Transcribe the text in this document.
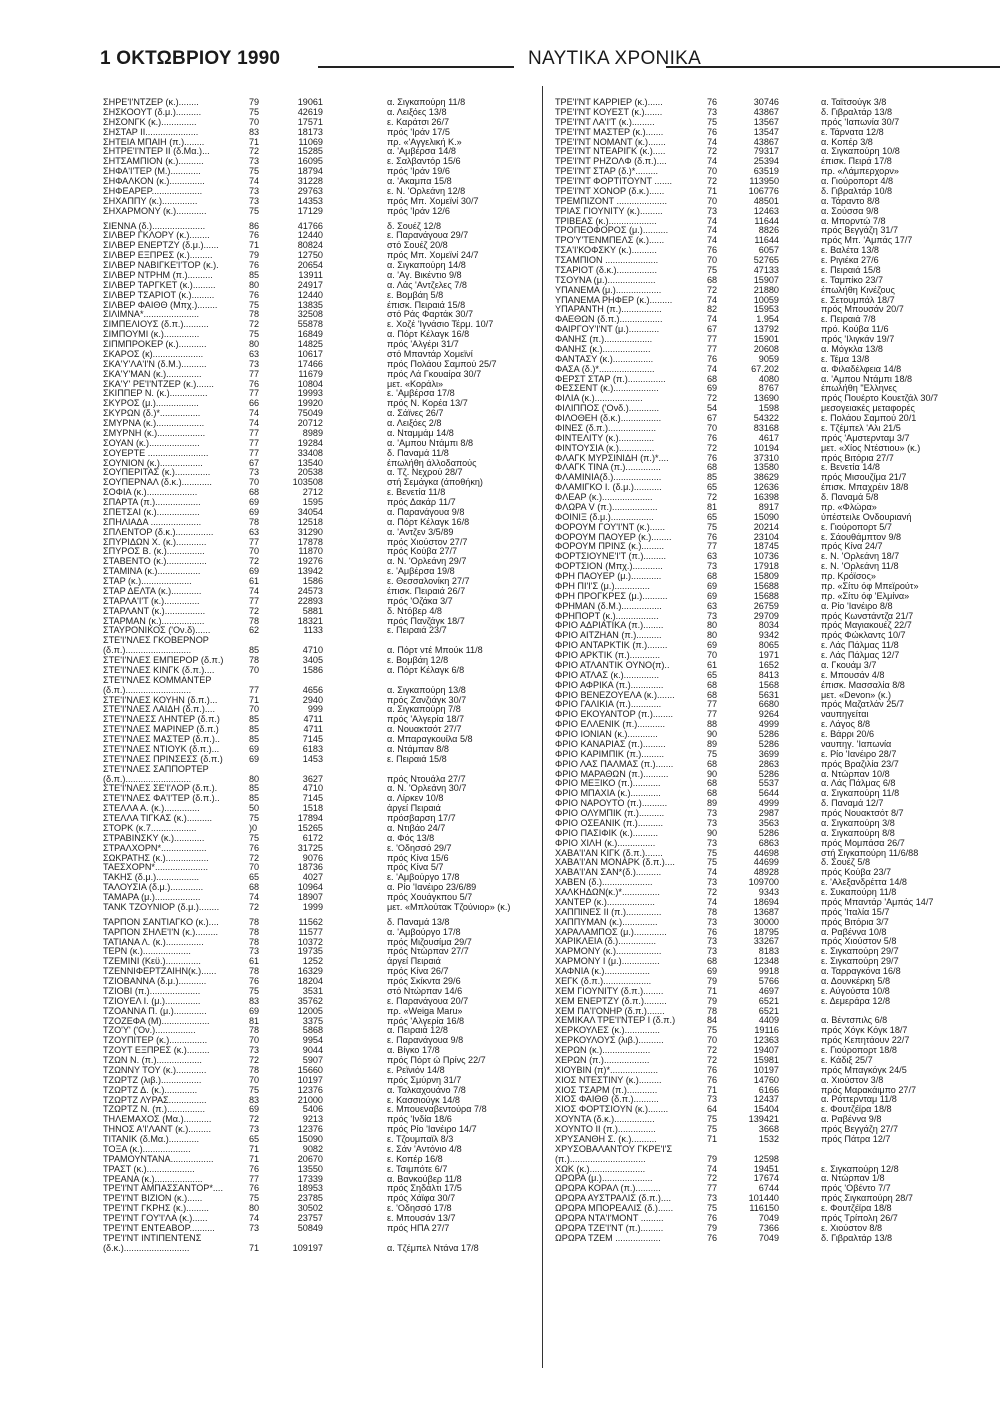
1 ΟΚΤΩΒΡΙΟΥ 1990	ΝΑΥΤΙΚΑ ΧΡΟΝΙΚΑ
ΣΗΡΕ'Ι'ΝΤΖΕΡ (κ.)........	79	19061	α. Σιγκαπούρη 11/8
ΣΗΣΚΟΟΥΤ (δ.μ.)..........	75	42619	α. Λειξόες 13/8
ΣΗΣΟΝΓΚ (κ.)..............	70	17571	ε. Καράτσι 26/7
ΣΗΣΤΑΡ ΙΙ.....................	83	18173	πρός 'Ιράν 17/5
ΣΗΤΕΙΑ ΜΠΑΙΗ (π.)........	71	11069	πρ. «'Αγγελική Κ.»
ΣΗΤΡΕ'Ι'ΝΤΕΡ ΙΙ (δ.Μα.)...	72	15285	α. 'Αμβέρσα 14/8
ΣΗΤΣΑΜΠΙΟΝ (κ.)..........	73	16095	ε. Σαλβαντόρ 15/6
ΣΗΦΑ'Ι'ΤΕΡ (Μ.)............	75	18794	πρός 'Ιράν 19/6
ΣΗΦΑΛΚΟΝ (κ.)..............	74	31228	α. 'Ακαμπα 15/8
ΣΗΦΕΑΡΕΡ....................	73	29763	ε. Ν. 'Ορλεάνη 12/8
ΣΗΧΑΠΠΥ (κ.)..............	73	14353	πρός Μπ. Χομεϊνί 30/7
ΣΗΧΑΡΜΟΝΥ (κ.)............	75	17129	πρός 'Ιράν 12/6
ΣΙΕΝΝΑ (δ.).....................	86	41766	δ. Σουέζ 12/8
ΣΙΛΒΕΡ ΓΚΛΟΡΥ (κ.)........	76	12440	ε. Παρανάγουα 29/7
ΣΙΛΒΕΡ ΕΝΕΡΤΖΥ (δ.μ.)......	71	80824	στό Σουέζ 20/8
ΣΙΛΒΕΡ ΕΞΠΡΕΣ (κ.).........	79	12750	πρός Μπ. Χομεϊνί 24/7
ΣΙΛΒΕΡ ΝΑΒΙΓΚΕ'Ι'ΤΟΡ (κ.).	76	20654	α. Σιγκαπούρη 14/8
ΣΙΛΒΕΡ ΝΤΡΗΜ (π.)..........	85	13911	α. 'Αγ. Βικέντιο 9/8
ΣΙΛΒΕΡ ΤΑΡΓΚΕΤ (κ.).........	80	24917	α. Λάς 'Αντζελες 7/8
ΣΙΛΒΕΡ ΤΣΑΡΙΟΤ (κ.).........	76	12440	ε. Βομβάη 5/8
ΣΙΛΒΕΡ ΦΑΙΘΘ (Μπχ.)........	75	13835	έπισκ. Πειραιά 15/8
ΣΙΛΙΜΝΑ*......................	78	32508	στό Ράς Φαρτάκ 30/7
ΣΙΜΠΕΛΙΟΥΣ (δ.π.)..........	72	55878	ε. Χοζέ 'Ιγνάσιο Τέρμ. 10/7
ΣΙΜΠΟΥΜΙ (κ.)..............	75	16849	α. Πόρτ Κέλαγκ 16/8
ΣΙΠΜΠΡΟΚΕΡ (κ.)...........	80	14825	πρός 'Αλγέρι 31/7
ΣΚΑΡΟΣ (κ)....................	63	10617	στό Μπαντάρ Χομεϊνί
ΣΚΑ'Υ'ΛΑ'Ι'Ν (δ.Μ.)..........	73	17466	πρός Πολάου Σαμπού 25/7
ΣΚΑ'Υ'ΜΑΝ (κ.)..............	77	11679	πρός Λά Γκουαίρα 30/7
ΣΚΑ'Υ' ΡΕ'Ι'ΝΤΖΕΡ (κ.).......	76	10804	μετ. «Κοράλι»
ΣΚΙΠΠΕΡ Ν. (κ.)...............	77	19993	ε. 'Αμβέρσα 17/8
ΣΚΥΡΟΣ (μ.).................	66	19920	πρός Ν. Κορέα 13/7
ΣΚΥΡΩΝ (δ.)*................	74	75049	α. Σάϊνες 26/7
ΣΜΥΡΝΑ (κ.)...................	74	20712	α. Λειξόες 2/8
ΣΜΥΡΝΗ (κ.)...................	77	8989	α. Νταμμάμ 14/8
ΣΟΥΑΝ (κ.)....................	77	19284	α. 'Αμπου Ντάμπι 8/8
ΣΟΥΕΡΤΕ ........................	77	33408	δ. Παναμά 11/8
ΣΟΥΝΙΟΝ (κ.).................	67	13540	έπωλήθη άλλοδαπούς
ΣΟΥΠΕΡΙΤΑΣ (κ.)..............	73	20538	α. Τζ. Νεχρού 28/7
ΣΟΥΠΕΡΝΑΛ (δ.κ.)............	70	103508	στή Σεμάγκα (άποθήκη)
ΣΟΦΙΑ (κ.)....................	68	2712	ε. Βενετία 11/8
ΣΠΑΡΤΑ (π.)..................	69	1595	πρός Δακάρ 11/7
ΣΠΕΤΣΑΙ (κ.).................	69	34054	α. Παρανάγουα 9/8
ΣΠΗΛΙΑΔΑ ....................	78	12518	α. Πόρτ Κέλαγκ 16/8
ΣΠΛΕΝΤΟΡ (δ.κ.)...............	63	31290	α. 'Αντζεν 3/5/89
ΣΠΥΡΙΔΩΝ Χ. (κ.)............	77	17878	πρός Χιούστον 27/7
ΣΠΥΡΟΣ Β. (κ.)...............	70	11870	πρός Κούβα 27/7
ΣΤΑΒΕΝΤΟ (κ.)................	72	19276	α. Ν. 'Ορλεάνη 29/7
ΣΤΑΜΙΝΑ (κ.).................	69	13942	ε. 'Αμβέρσα 19/8
ΣΤΑΡ (κ.)....................	61	1586	ε. Θεσσαλονίκη 27/7
ΣΤΑΡ ΔΕΛΤΑ (κ.)............	74	24573	έπισκ. Πειραιά 26/7
ΣΤΑΡΛΑ'Ι'Τ (κ.)..............	77	22893	πρός 'Οζάκα 3/7
ΣΤΑΡΛΑΝΤ (κ.)................	72	5881	δ. Ντόβερ 4/8
ΣΤΑΡΜΑΝ (κ.).................	78	18321	πρός Πανζάγκ 18/7
ΣΤΑΥΡΟΝΙΚΟΣ ('Ον.δ)......	62	1133	ε. Πειραιά 23/7
ΣΤΕ'Ι'ΝΛΕΣ ΓΚΟΒΕΡΝΟΡ
(δ.π.)..........................	85	4710	α. Πόρτ ντέ Μπούκ 11/8
ΣΤΕ'Ι'ΝΛΕΣ ΕΜΠΕΡΟΡ (δ.π.)	78	3405	ε. Βομβάη 12/8
ΣΤΕ'Ι'ΝΛΕΣ ΚΙΝΓΚ (δ.π.)....	70	1586	α. Πόρτ Κέλαγκ 6/8
ΣΤΕ'Ι'ΝΛΕΣ ΚΟΜΜΑΝΤΕΡ
(δ.π.)..........................	77	4656	α. Σιγκαπούρη 13/8
ΣΤΕ'Ι'ΝΛΕΣ ΚΟΥΗΝ (δ.π.)...	71	2940	πρός Ζανζιάγκ 30/7
ΣΤΕ'Ι'ΝΛΕΣ ΛΑΙΔΗ (δ.π.)....	70	999	α. Σιγκαπούρη 7/8
ΣΤΕ'Ι'ΝΛΕΣΣ ΛΗΝΤΕΡ (δ.π.)	85	4711	πρός 'Αλγερία 18/7
ΣΤΕ'Ι'ΝΛΕΣ ΜΑΡΙΝΕΡ (δ.π.)	85	4711	α. Νουακτσότ 27/7
ΣΤΕ'Ι'ΝΛΕΣ ΜΑΣΤΕΡ (δ.π.)..	85	7145	α. Μπαραγκουίλα 5/8
ΣΤΕ'Ι'ΝΛΕΣ ΝΤΙΟΥΚ (δ.π.)...	69	6183	α. Ντάμπαν 8/8
ΣΤΕ'Ι'ΝΛΕΣ ΠΡΙΝΣΕΣΣ (δ.π.)	69	1453	ε. Πειραιά 15/8
ΣΤΕ'Ι'ΝΛΕΣ ΣΑΠΠΟΡΤΕΡ
(δ.π.)..........................	80	3627	πρός Ντουάλα 27/7
ΣΤΕ'Ι'ΝΛΕΣ ΣΕ'Ι'ΛΟΡ (δ.π.).	85	4710	α. Ν. 'Ορλεάνη 30/7
ΣΤΕ'Ι'ΝΛΕΣ ΦΑ'Ι'ΤΕΡ (δ.π.)..	85	7145	α. Λίρκεν 10/8
ΣΤΕΛΛΑ Α. (κ.)..............	50	1518	άργεί Πειραιά
ΣΤΕΛΛΑ ΤΙΓΚΑΣ (κ.)..........	75	17894	πρόσβαρση 17/7
ΣΤΟΡΚ (κ.7..................	)0	15265	α. Ντιβάο 24/7
ΣΤΡΑΒΙΝΣΚΥ (κ.)............	75	6172	α. Φός 13/8
ΣΤΡΑΛΧΟΡΝ*..................	76	31725	ε. 'Οδησσό 29/7
ΣΩΚΡΑΤΗΣ (κ.).................	72	9076	πρός Κίνα 15/6
ΤΑΕΣΧΟΡΝ*.....................	70	18736	πρός Κίνα 5/7
ΤΑΚΗΣ (δ.μ.).................	65	4027	ε. 'Αμβούργο 17/8
ΤΑΛΟΥΣΙΑ (δ.μ.).............	68	10964	α. Ρίο 'Ιανέιρο 23/6/89
ΤΑΜΑΡΑ (μ.)..................	74	18907	πρός Χουάγκπου 5/7
ΤΑΝΚ ΤΖΟΥΝΙΟΡ (δ.μ.)........	72	1999	μετ. «Μπλούτακ Τζούνιορ» (κ.)
ΤΑΡΠΟΝ ΣΑΝΤΙΑΓΚΟ (κ.)....	78	11562	δ. Παναμά 13/8
ΤΑΡΠΟΝ ΣΗΛΕ'Ι'Ν (κ.).........	78	11577	α. 'Αμβούργο 17/8
ΤΑΤΙΑΝΑ Λ. (κ.)...............	78	10372	πρός Μιζουσίμα 29/7
ΤΕΡΝ (κ.)...................	73	19735	πρός Ντώρπαν 27/7
ΤΖΕΜΙΝΙ (Κεϋ.)..............	61	1252	άργεί Πειραιά
ΤΖΕΝΝΙΦΕΡΤΖΑΙΗΝ(κ.)......	78	16329	πρός Κίνα 26/7
ΤΖΙΟΒΑΝΝΑ (δ.μ.)...........	76	18204	πρός Σκίκντα 29/6
ΤΖΙΟΒΙ (π.)....................	75	3531	στό Ντώρπαν 14/6
ΤΖΙΟΥΕΛ Ι. (μ.)..............	83	35762	ε. Παρανάγουα 20/7
ΤΖΟΑΝΝΑ Π. (μ.).............	69	12005	πρ. «Weiga Maru»
ΤΖΟΖΕΦΑ (Μ)...................	81	3375	πρός 'Αλγερία 16/8
ΤΖΟ'Υ' ('Ον.)................	78	5868	α. Πειραιά 12/8
ΤΖΟΥΠΙΤΕΡ (κ.)...............	70	9954	ε. Παρανάγουα 9/8
ΤΖΟΥΤ ΕΞΠΡΕΣ (κ.).........	73	9044	α. Βίγκο 17/8
ΤΖΩΝ Ν. (π.)..................	72	5907	πρός Πόρτ ώ Πρίνς 22/7
ΤΖΩΝΝΥ ΤΟΥ (κ.)............	78	15660	ε. Ρεϊνιόν 14/8
ΤΖΩΡΤΖ (λιβ.)................	70	10197	πρός Σμύρνη 31/7
ΤΖΩΡΤΖ Δ. (κ.).............	75	12376	α. Ταλκαχουάνο 7/8
ΤΖΩΡΤΖ ΛΥΡΑΣ...............	83	21000	ε. Κασσιούγκ 14/8
ΤΖΩΡΤΖ Ν. (π.)...............	69	5406	ε. Μπουεναβεντούρα 7/8
ΤΗΛΕΜΑΧΟΣ (Μα.)...........	72	9213	πρός 'Ινδία 18/6
ΤΗΝΟΣ Α'Ι'ΛΑΝΤ (κ.).........	73	12376	πρός Ρίο 'Ιανέιρο 14/7
ΤΙΤΑΝΙΚ (δ.Μα.)............	65	15090	ε. Τζουμπαϊλ 8/3
ΤΟΞΑ (κ.)...................	71	9082	ε. Σάν 'Αντόνιο 4/8
ΤΡΑΜΟΥΝΤΑΝΑ.................	71	20670	ε. Κοπέρ 16/8
ΤΡΑΣΤ (κ.)...................	76	13550	ε. Τσιμπότε 6/7
ΤΡΕΑΝΑ (κ.)...................	77	17339	α. Βανκούβερ 11/8
ΤΡΕ'Ι'ΝΤ ΑΜΠΑΣΣΑΝΤΟΡ*....	76	18953	πρός Σηδάλτι 17/5
ΤΡΕ'Ι'ΝΤ ΒΙΖΙΟΝ (κ.)......	75	23785	πρός Χάϊφα 30/7
ΤΡΕ'Ι'ΝΤ ΓΚΡΗΣ (κ.).........	80	30502	ε. 'Οδησσό 17/8
ΤΡΕ'Ι'ΝΤ ΓΟΥ'Ι'ΛΑ (κ.)......	74	23757	ε. Μπουσάν 13/7
ΤΡΕ'Ι'ΝΤ ΕΝΤΕΑΒΟΡ..........	73	50849	πρός ΗΠΑ 27/7
ΤΡΕ'Ι'ΝΤ ΙΝΤΙΠΕΝΤΕΝΣ
(δ.κ.)..........................	71	109197	α. Τζέμπελ Ντάνα 17/8
ΤΡΕ'Ι'ΝΤ ΚΑΡΡΙΕΡ (κ.)......	76	30746	α. Ταϊτσούγκ 3/8
ΤΡΕ'Ι'ΝΤ ΚΟΥΕΣΤ (κ.).......	73	43867	δ. Γιβραλτάρ 13/8
ΤΡΕ'Ι'ΝΤ ΛΑ'Ι'Τ (κ.).........	75	13567	πρός 'Ιαπωνία 30/7
ΤΡΕ'Ι'ΝΤ ΜΑΣΤΕΡ (κ.).......	76	13547	ε. Τάρνατα 12/8
ΤΡΕ'Ι'ΝΤ ΝΟΜΑΝΤ (κ.).......	74	43867	α. Κοπέρ 3/8
ΤΡΕ'Ι'ΝΤ ΝΤΕΑΡΙΓΚ (κ.).....	72	79317	α. Σιγκαπούρη 10/8
ΤΡΕ'Ι'ΝΤ ΡΗΖΟΛΦ (δ.π.)....	74	25394	έπισκ. Πειρά 17/8
ΤΡΕ'Ι'ΝΤ ΣΤΑΡ (δ.)*.........	70	63519	πρ. «Λάμπερχορν»
ΤΡΕ'Ι'ΝΤ ΦΟΡΤΙΤΟΥΝΤ .......	72	113950	α. Γιούροπορτ 4/8
ΤΡΕ'Ι'ΝΤ ΧΟΝΟΡ (δ.κ.)......	71	106776	δ. Γιβραλτάρ 10/8
ΤΡΕΜΠΙΖΟΝΤ ....................	70	48501	α. Τάραντο 8/8
ΤΡΙΑΣ ΓΙΟΥΝΙΤΥ (κ.).........	73	12463	α. Σούσσα 9/8
ΤΡΙΒΕΑΣ (κ.)...................	74	11644	α. Μπορντώ 7/8
ΤΡΟΠΕΟΦΟΡΟΣ (μ.)..........	74	8826	πρός Βεγγάζη 31/7
ΤΡΟ'Υ'ΤΕΝΜΠΕΛΣ (κ.)......	74	11644	πρός Μπ. 'Αμπάς 17/7
ΤΣΑ'Ι'ΚΟΦΣΚΥ (κ.)..........	76	6057	ε. Βαλέτα 13/8
ΤΣΑΜΠΙΟΝ .....................	70	52765	ε. Ριγιέκα 27/6
ΤΣΑΡΙΟΤ (δ.κ.)................	75	47133	ε. Πειραιά 15/8
ΤΣΟΥΝΑ (μ.)...................	68	15907	ε. Ταμπίκο 23/7
ΥΠΑΝΕΜΑ (μ.)..................	72	21880	έπωλήθη Κινέζους
ΥΠΑΝΕΜΑ ΡΗΦΕΡ (κ.).........	74	10059	ε. Σετουμπάλ 18/7
ΥΠΑΡΑΝΤΗ (π.)................	82	15953	πρός Μπουσάν 20/7
ΦΑΕΘΩΝ (δ.π.).................	74	1.954	ε. Πειραιά 7/8
ΦΑΙΡΓΟΥ'Ι'ΝΤ (μ.)............	67	13792	πρό. Κούβα 11/6
ΦΑΝΗΣ (π.)...................	77	15901	πρός 'Ιλιγκάν 19/7
ΦΑΝΗΣ (κ.)...................	77	20608	α. Μόγκλα 13/8
ΦΑΝΤΑΣΥ (κ.)................	76	9059	ε. Τέμα 13/8
ΦΑΣΑ (δ.)*......................	74	67.202	α. Φιλαδέλφεια 14/8
ΦΕΡΣΤ ΣΤΑΡ (π.)...............	68	4080	α. 'Αμπου Ντάμπι 18/8
ΦΕΣΣΕΝΤ (κ.)..................	69	8767	έπωλήθη "Ελληνες
ΦΙΛΙΑ (κ.)...................	72	13690	πρός Πουέρτο Κουετζάλ 30/7
ΦΙΛΙΠΠΟΣ ('Ονδ.)............	54	1598	μεσογειακές μεταφορές
ΦΙΛΟΘΕΗ (δ.κ.)................	67	54322	ε. Πολάου Σαμπού 20/1
ΦΙΝΕΣ (δ.π.)...................	70	83168	ε. Τζέμπελ 'Αλι 21/5
ΦΙΝΤΕΛΙΤΥ (κ.)..............	76	4617	πρός 'Αμστερνταμ 3/7
ΦΙΝΤΟΥΣΙΑ (κ.)..............	72	10194	μετ. «Χίος Ντέστιου» (κ.)
ΦΛΑΓΚ ΜΥΡΣΙΝΙΔΗ (π.)*....	76	37310	πρός Βιτόρια 27/7
ΦΛΑΓΚ ΤΙΝΑ (π.)..............	68	13580	ε. Βενετία 14/8
ΦΛΑΜΙΝΙΑ(δ.)...................	85	38629	πρός Μισουζίμα 21/7
ΦΛΑΜΙΓΚΟ Ι. (δ.μ.)...........	65	12636	έπισκ. Μπαχρέιν 18/8
ΦΛΕΑΡ (κ.)....................	72	16398	δ. Παναμά 5/8
ΦΛΩΡΑ V (π.)..................	81	8917	πρ. «Φλώρα»
ΦΟΙΝΙΞ (δ.μ.).................	65	15090	ύπέστειλε Ονδουριανή
ΦΟΡΟΥΜ ΓΟΥ'Ι'ΝΤ (κ.)......	75	20214	ε. Γιούροπορτ 5/7
ΦΟΡΟΥΜ ΠΑΟΥΕΡ (κ.)........	76	23104	ε. Σάουθάμπτον 9/8
ΦΟΡΟΥΜ ΠΡΙΝΣ (κ.).........	77	18745	πρός Κίνα 24/7
ΦΟΡΤΣΙΟΥΝΕ'Ι'Τ (π.).........	63	10736	ε. Ν. 'Ορλεάνη 18/7
ΦΟΡΤΣΙΟΝ (Μπχ.)............	73	17918	ε. Ν. 'Ορλεάνη 11/8
ΦΡΗ ΠΑΟΥΕΡ (μ.)............	68	15809	πρ. Κρόϊσος»
ΦΡΗ ΠΙ'Ι'Σ (μ.)..............	69	15688	πρ. «Σίτυ όφ Μπεϊρούτ»
ΦΡΗ ΠΡΟΓΚΡΕΣ (μ.)..........	69	15688	πρ. «Σίτυ όφ 'Ελμίνα»
ΦΡΗΜΑΝ (δ.Μ.)................	63	26759	α. Ρίο 'Ιανέιρο 8/8
ΦΡΗΠΟΡΤ (κ.).................	73	29709	πρός Κωνστάντζα 21/7
ΦΡΙΟ ΑΔΡΙΑΤΙΚΑ (π.)........	80	8034	πρός Μαγιακουέζ 22/7
ΦΡΙΟ ΑΙΤΖΗΑΝ (π.)..........	80	9342	πρός Φώκλαντς 10/7
ΦΡΙΟ ΑΝΤΑΡΚΤΙΚ (π.)........	69	8065	ε. Λάς Πάλμας 11/8
ΦΡΙΟ ΑΡΚΤΙΚ (π.)............	70	1971	ε. Λάς Πάλμας 12/7
ΦΡΙΟ ΑΤΛΑΝΤΙΚ ΟΥΝΟ(π)..	61	1652	α. Γκουάμ 3/7
ΦΡΙΟ ΑΤΛΑΣ (κ.)..............	65	8413	ε. Μπουσάν 4/8
ΦΡΙΟ ΑΦΡΙΚΑ (π.).............	68	1568	έπισκ. Μασσαλία 8/8
ΦΡΙΟ ΒΕΝΕΖΟΥΕΛΑ (κ.).......	68	5631	μετ. «Devon» (κ.)
ΦΡΙΟ ΓΑΛΙΚΙΑ (π.)............	77	6680	πρός Μαζατλάν 25/7
ΦΡΙΟ ΕΚΟΥΑΝΤΟΡ (π.)........	77	9264	ναυπηγείται
ΦΡΙΟ ΕΛΛΕΝΙΚ (π.)...........	88	4999	ε. Λάγος 8/8
ΦΡΙΟ ΙΟΝΙΑΝ (κ.)............	90	5286	ε. Βάρρι 20/6
ΦΡΙΟ ΚΑΝΑΡΙΑΣ (π.).........	89	5286	ναυπηγ. 'Ιαπωνία
ΦΡΙΟ ΚΑΡΙΜΠΙΚ (π.).........	75	3699	ε. Ρίο 'Ιανέιρο 28/7
ΦΡΙΟ ΛΑΣ ΠΑΛΜΑΣ (π.).......	68	2863	πρός Βραζιλία 23/7
ΦΡΙΟ ΜΑΡΑΘΩΝ (π.)..........	90	5286	α. Ντώρπαν 10/8
ΦΡΙΟ ΜΕΞΙΚΟ (π.)...........	68	5537	α. Λάς Πάλμας 6/8
ΦΡΙΟ ΜΠΑΧΙΑ (κ.)............	68	5644	α. Σιγκαπούρη 11/8
ΦΡΙΟ ΝΑΡΟΥΤΟ (π.)..........	89	4999	δ. Παναμά 12/7
ΦΡΙΟ ΟΛΥΜΠΙΚ (π.)..........	73	2987	πρός Νουακτσότ 8/7
ΦΡΙΟ ΟΣΕΑΝΙΚ (π.)..........	73	3563	α. Σιγκαπούρη 3/8
ΦΡΙΟ ΠΑΣΙΦΙΚ (κ.)..........	90	5286	α. Σιγκαπούρη 8/8
ΦΡΙΟ ΧΙΛΗ (κ.)...............	73	6863	πρός Μομπάσα 26/7
ΧΑΒΑ'Ι'ΑΝ ΚΙΓΚ (δ.π.).......	75	44698	στή Σιγκαπούρη 11/6/88
ΧΑΒΑ'Ι'ΑΝ ΜΟΝΑΡΚ (δ.π.)....	75	44699	δ. Σουέζ 5/8
ΧΑΒΑ'Ι'ΑΝ ΣΑΝ*(δ.)..........	74	48928	πρός Κούβα 23/7
ΧΑΒΕΝ (δ.)....................	73	109700	ε. 'Αλεξανδρέττα 14/8
ΧΑΛΚΗΔΩΝ(κ.)*...............	72	9343	ε. Συκαπούρη 11/8
ΧΑΝΤΕΡ (κ.)...................	74	18694	πρός Μπαντάρ 'Αμπάς 14/7
ΧΑΠΠΙΝΕΣ ΙΙ (π.)..............	78	13687	πρός 'Ιταλία 15/7
ΧΑΠΠΥΜΑΝ (κ.)..............	73	30000	πρός Βιτόρια 3/7
ΧΑΡΑΛΑΜΠΟΣ (μ.).............	76	18795	α. Ραβέννα 10/8
ΧΑΡΙΚΛΕΙΑ (δ.)...............	73	33267	πρός Χιούστον 5/8
ΧΑΡΜΟΝΥ (κ.)..................	73	8183	ε. Σιγκαπούρη 29/7
ΧΑΡΜΟΝΥ Ι (μ.)...............	68	12348	ε. Σιγκαπούρη 29/7
ΧΑΦΝΙΑ (κ.)..................	69	9918	α. Ταρραγκόνα 16/8
ΧΕΓΚ (δ.π.)...................	79	5766	α. Δουνκέρκη 5/8
ΧΕΜ ΓΙΟΥΝΙΤΥ (δ.π.)........	71	4697	ε. Αύγούστα 10/8
ΧΕΜ ΕΝΕΡΤΖΥ (δ.π.).........	79	6521	ε. Δεμεράρα 12/8
ΧΕΜ ΠΑ'Ι'ΟΝΗΡ (δ.π.).......	78	6521
ΧΕΜΙΚΑΛ ΤΡΕ'Ι'ΝΤΕΡ Ι (δ.π.)	84	4409	α. Βέντσπιλς 6/8
ΧΕΡΚΟΥΛΕΣ (κ.)..............	75	19116	πρός Χόγκ Κόγκ 18/7
ΧΕΡΚΟΥΛΟΥΣ (λιβ.)..........	70	12363	πρός Κεπητάουν 22/7
ΧΕΡΩΝ (κ.)...................	72	19407	ε. Γιούροπορτ 18/8
ΧΕΡΩΝ (π.)..................	72	15981	ε. Κάδιξ 25/7
ΧΙΟΥΒΙΝ (π)*...................	76	10197	πρός Μπαγκόγκ 24/5
ΧΙΟΣ ΝΤΕΣΤΙΝΥ (κ.).........	76	14760	α. Χιούστον 3/8
ΧΙΟΣ ΤΣΑΡΜ (π.)............	71	6166	πρός Μαρακάιμπο 27/7
ΧΙΟΣ ΦΑΙΘΘ (δ.π.)..........	73	12437	α. Ρόττερνταμ 11/8
ΧΙΟΣ ΦΟΡΤΣΙΟΥΝ (κ.)........	64	15404	ε. Φουτζέϊρα 18/8
ΧΟΥΝΤΑ (δ.κ.)................	75	139421	α. Ραβέννα 9/8
ΧΟΥΝΤΟ ΙΙ (π.)...............	75	3668	πρός Βεγγάζη 27/7
ΧΡΥΣΑΝΘΗ Σ. (κ.)..........	71	1532	πρός Πάτρα 12/7
ΧΡΥΣΟΒΑΛΑΝΤΟΥ ΓΚΡΕ'Ι'Σ
(π.)..............................	79	12598
ΧΩΚ (κ.)......................	74	19451	ε. Σιγκαπούρη 12/8
ΩΡΩΡΑ (μ.)....................	72	17674	α. Ντώρπαν 1/8
ΩΡΩΡΑ ΚΟΡΑΛ (π.)..........	77	6744	πρός 'Οβέντο 7/7
ΩΡΩΡΑ ΑΥΣΤΡΑΛΙΣ (δ.π.)....	73	101440	πρός Σιγκαπούρη 28/7
ΩΡΩΡΑ ΜΠΟΡΕΑΛΙΣ (δ.)......	75	116150	ε. Φουτζέϊρα 18/8
ΩΡΩΡΑ ΝΤΑ'Ι'ΜΟΝΤ .........	76	7049	πρός Τρίπολη 26/7
ΩΡΩΡΑ ΤΖΕ'Ι'ΝΤ (π.).........	79	7366	ε. Χιούστον 8/8
ΩΡΩΡΑ ΤΖΕΜ ..................	76	7049	δ. Γιβραλτάρ 13/8
